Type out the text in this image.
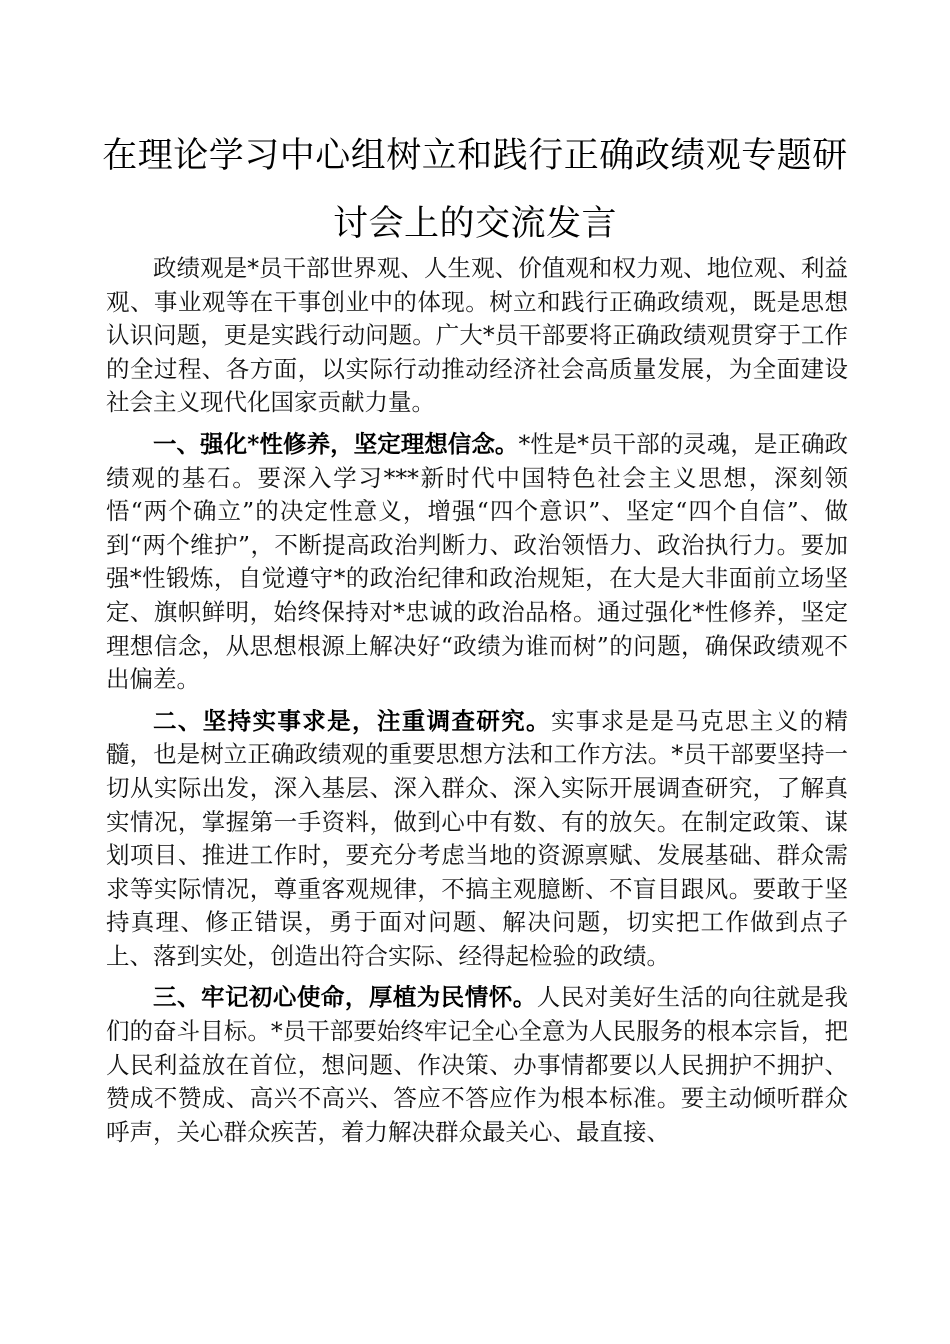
在理论学习中心组树立和践行正确政绩观专题研
讨会上的交流发言

政绩观是*员干部世界观、人生观、价值观和权力观、地位观、利益观、事业观等在干事创业中的体现。树立和践行正确政绩观，既是思想认识问题，更是实践行动问题。广大*员干部要将正确政绩观贯穿于工作的全过程、各方面，以实际行动推动经济社会高质量发展，为全面建设社会主义现代化国家贡献力量。

一、强化*性修养，坚定理想信念。*性是*员干部的灵魂，是正确政绩观的基石。要深入学习***新时代中国特色社会主义思想，深刻领悟“两个确立”的决定性意义，增强“四个意识”、坚定“四个自信”、做到“两个维护”，不断提高政治判断力、政治领悟力、政治执行力。要加强*性锻炼，自觉遵守*的政治纪律和政治规矩，在大是大非面前立场坚定、旗帜鲜明，始终保持对*忠诚的政治品格。通过强化*性修养，坚定理想信念，从思想根源上解决好“政绩为谁而树”的问题，确保政绩观不出偏差。

二、坚持实事求是，注重调查研究。实事求是是马克思主义的精髓，也是树立正确政绩观的重要思想方法和工作方法。*员干部要坚持一切从实际出发，深入基层、深入群众、深入实际开展调查研究，了解真实情况，掌握第一手资料，做到心中有数、有的放矢。在制定政策、谋划项目、推进工作时，要充分考虑当地的资源禀赋、发展基础、群众需求等实际情况，尊重客观规律，不搞主观臆断、不盲目跟风。要敢于坚持真理、修正错误，勇于面对问题、解决问题，切实把工作做到点子上、落到实处，创造出符合实际、经得起检验的政绩。

三、牢记初心使命，厚植为民情怀。人民对美好生活的向往就是我们的奋斗目标。*员干部要始终牢记全心全意为人民服务的根本宗旨，把人民利益放在首位，想问题、作决策、办事情都要以人民拥护不拥护、赞成不赞成、高兴不高兴、答应不答应作为根本标准。要主动倾听群众呼声，关心群众疾苦，着力解决群众最关心、最直接、
